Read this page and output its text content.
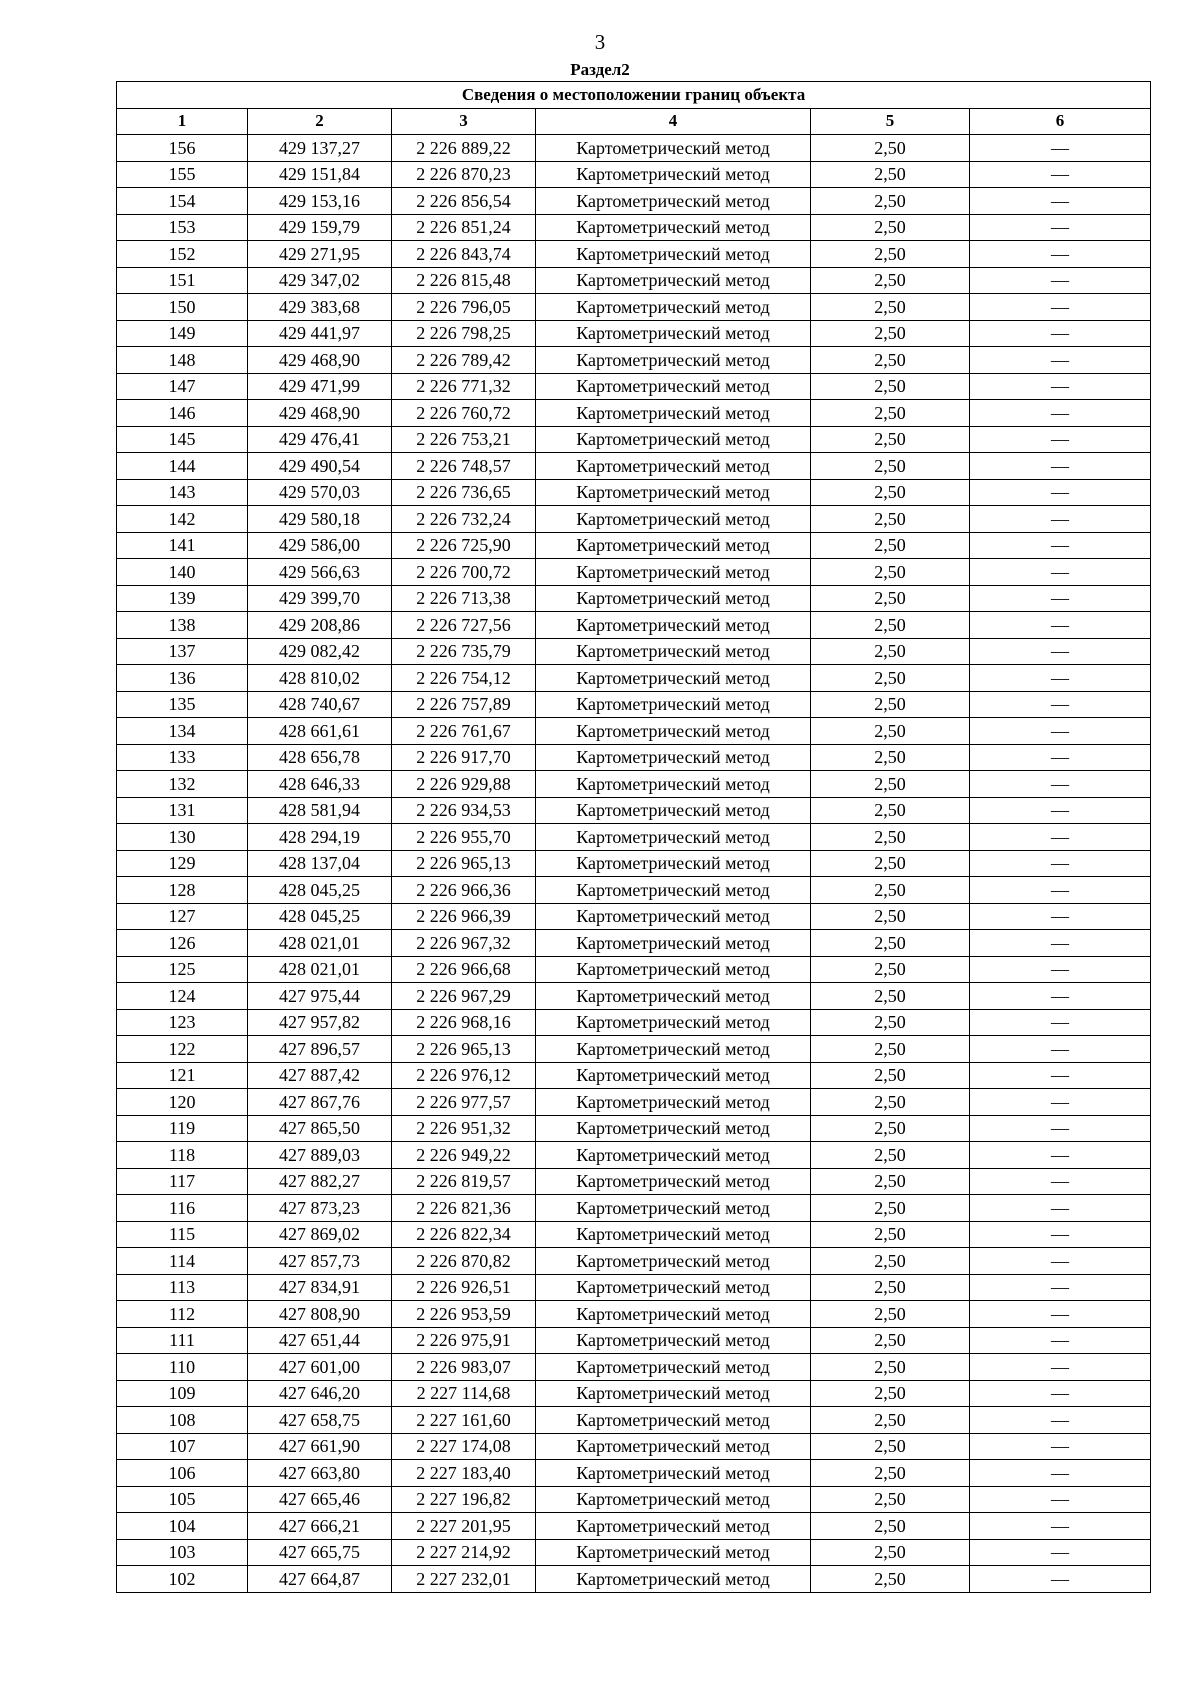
3
Раздел2
Сведения о местоположении границ объекта					
1	2	3	4	5	6
156	429 137,27	2 226 889,22	Картометрический метод	2,50	—
155	429 151,84	2 226 870,23	Картометрический метод	2,50	—
154	429 153,16	2 226 856,54	Картометрический метод	2,50	—
153	429 159,79	2 226 851,24	Картометрический метод	2,50	—
152	429 271,95	2 226 843,74	Картометрический метод	2,50	—
151	429 347,02	2 226 815,48	Картометрический метод	2,50	—
150	429 383,68	2 226 796,05	Картометрический метод	2,50	—
149	429 441,97	2 226 798,25	Картометрический метод	2,50	—
148	429 468,90	2 226 789,42	Картометрический метод	2,50	—
147	429 471,99	2 226 771,32	Картометрический метод	2,50	—
146	429 468,90	2 226 760,72	Картометрический метод	2,50	—
145	429 476,41	2 226 753,21	Картометрический метод	2,50	—
144	429 490,54	2 226 748,57	Картометрический метод	2,50	—
143	429 570,03	2 226 736,65	Картометрический метод	2,50	—
142	429 580,18	2 226 732,24	Картометрический метод	2,50	—
141	429 586,00	2 226 725,90	Картометрический метод	2,50	—
140	429 566,63	2 226 700,72	Картометрический метод	2,50	—
139	429 399,70	2 226 713,38	Картометрический метод	2,50	—
138	429 208,86	2 226 727,56	Картометрический метод	2,50	—
137	429 082,42	2 226 735,79	Картометрический метод	2,50	—
136	428 810,02	2 226 754,12	Картометрический метод	2,50	—
135	428 740,67	2 226 757,89	Картометрический метод	2,50	—
134	428 661,61	2 226 761,67	Картометрический метод	2,50	—
133	428 656,78	2 226 917,70	Картометрический метод	2,50	—
132	428 646,33	2 226 929,88	Картометрический метод	2,50	—
131	428 581,94	2 226 934,53	Картометрический метод	2,50	—
130	428 294,19	2 226 955,70	Картометрический метод	2,50	—
129	428 137,04	2 226 965,13	Картометрический метод	2,50	—
128	428 045,25	2 226 966,36	Картометрический метод	2,50	—
127	428 045,25	2 226 966,39	Картометрический метод	2,50	—
126	428 021,01	2 226 967,32	Картометрический метод	2,50	—
125	428 021,01	2 226 966,68	Картометрический метод	2,50	—
124	427 975,44	2 226 967,29	Картометрический метод	2,50	—
123	427 957,82	2 226 968,16	Картометрический метод	2,50	—
122	427 896,57	2 226 965,13	Картометрический метод	2,50	—
121	427 887,42	2 226 976,12	Картометрический метод	2,50	—
120	427 867,76	2 226 977,57	Картометрический метод	2,50	—
119	427 865,50	2 226 951,32	Картометрический метод	2,50	—
118	427 889,03	2 226 949,22	Картометрический метод	2,50	—
117	427 882,27	2 226 819,57	Картометрический метод	2,50	—
116	427 873,23	2 226 821,36	Картометрический метод	2,50	—
115	427 869,02	2 226 822,34	Картометрический метод	2,50	—
114	427 857,73	2 226 870,82	Картометрический метод	2,50	—
113	427 834,91	2 226 926,51	Картометрический метод	2,50	—
112	427 808,90	2 226 953,59	Картометрический метод	2,50	—
111	427 651,44	2 226 975,91	Картометрический метод	2,50	—
110	427 601,00	2 226 983,07	Картометрический метод	2,50	—
109	427 646,20	2 227 114,68	Картометрический метод	2,50	—
108	427 658,75	2 227 161,60	Картометрический метод	2,50	—
107	427 661,90	2 227 174,08	Картометрический метод	2,50	—
106	427 663,80	2 227 183,40	Картометрический метод	2,50	—
105	427 665,46	2 227 196,82	Картометрический метод	2,50	—
104	427 666,21	2 227 201,95	Картометрический метод	2,50	—
103	427 665,75	2 227 214,92	Картометрический метод	2,50	—
102	427 664,87	2 227 232,01	Картометрический метод	2,50	—
